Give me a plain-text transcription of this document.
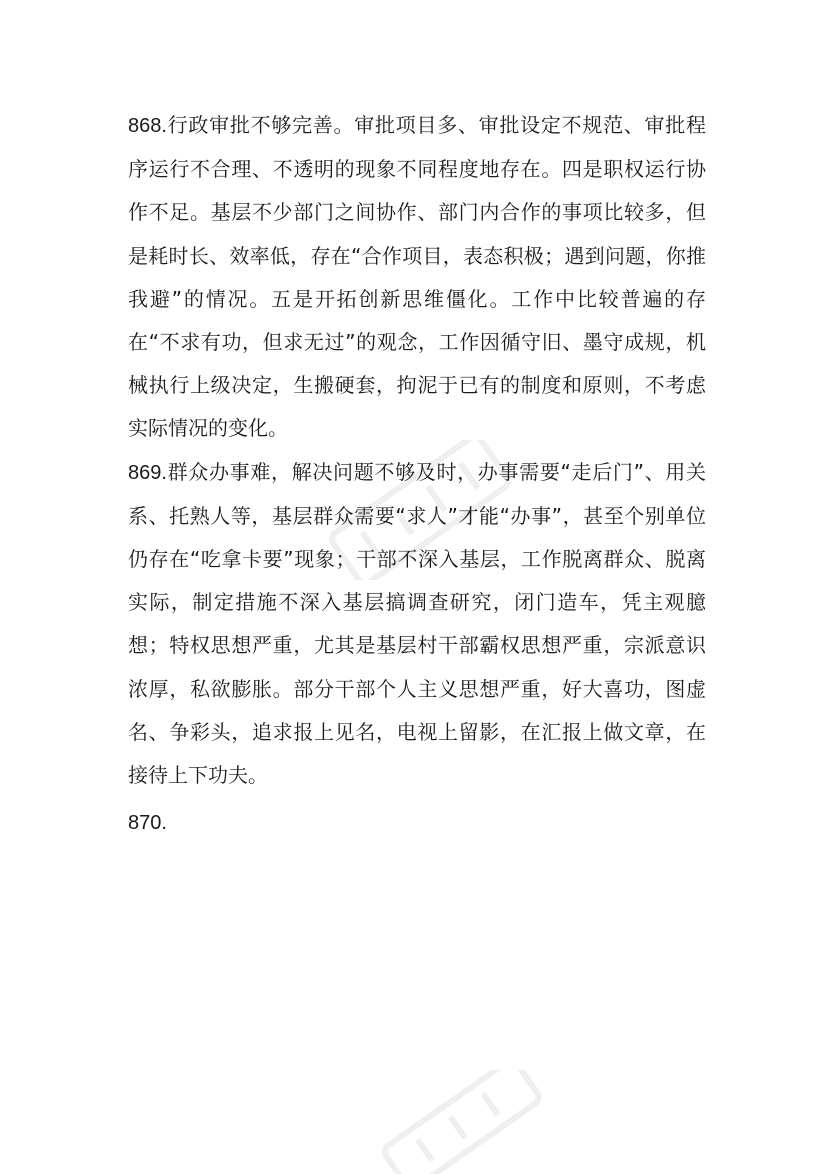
868.行政审批不够完善。审批项目多、审批设定不规范、审批程序运行不合理、不透明的现象不同程度地存在。四是职权运行协作不足。基层不少部门之间协作、部门内合作的事项比较多，但是耗时长、效率低，存在“合作项目，表态积极；遇到问题，你推我避”的情况。五是开拓创新思维僵化。工作中比较普遍的存在“不求有功，但求无过”的观念，工作因循守旧、墨守成规，机械执行上级决定，生搬硬套，拘泥于已有的制度和原则，不考虑实际情况的变化。

869.群众办事难，解决问题不够及时，办事需要“走后门”、用关系、托熟人等，基层群众需要“求人”才能“办事”，甚至个别单位仍存在“吃拿卡要”现象；干部不深入基层，工作脱离群众、脱离实际，制定措施不深入基层搞调查研究，闭门造车，凭主观臆想；特权思想严重，尤其是基层村干部霸权思想严重，宗派意识浓厚，私欲膨胀。部分干部个人主义思想严重，好大喜功，图虚名、争彩头，追求报上见名，电视上留影，在汇报上做文章，在接待上下功夫。

870.
